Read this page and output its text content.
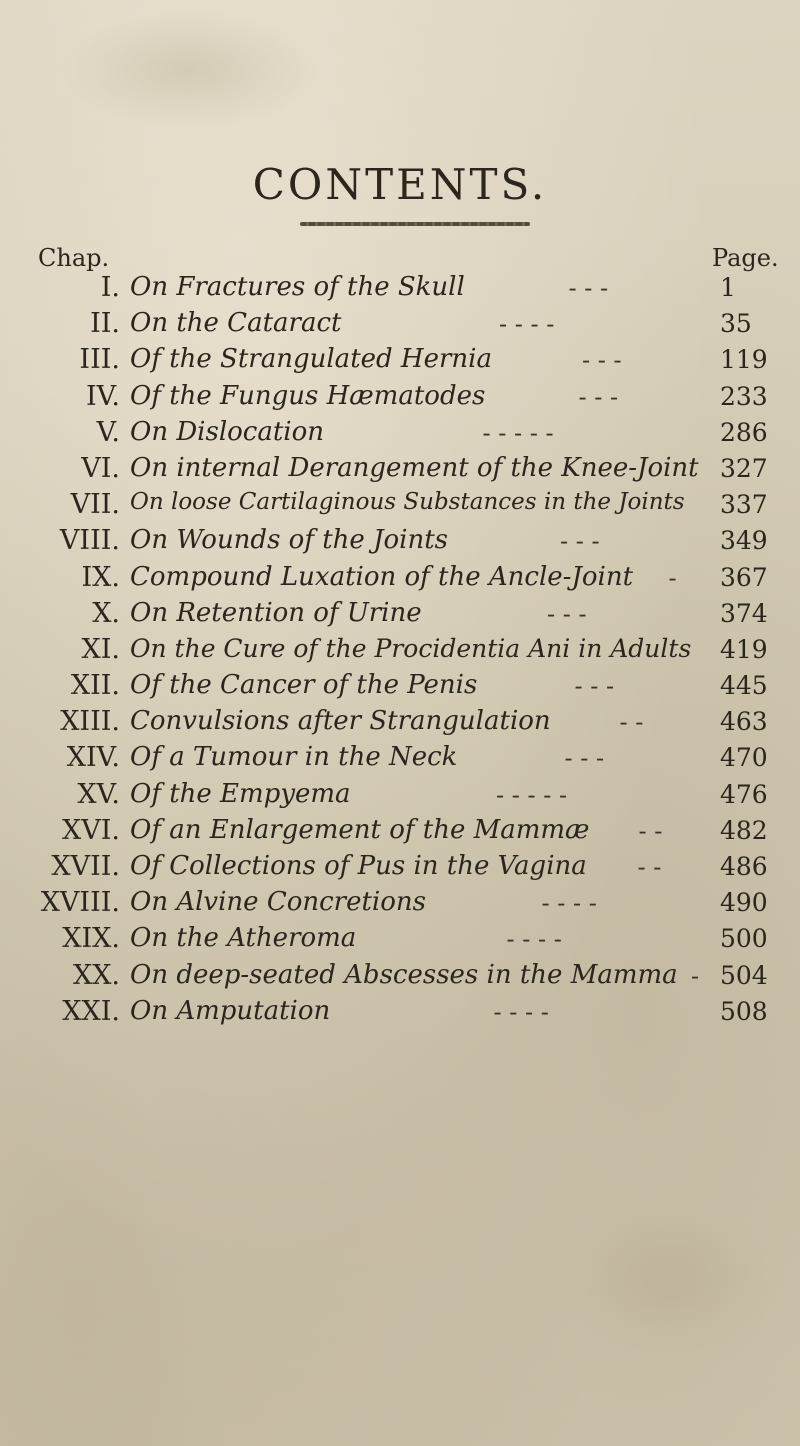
CONTENTS.
Chap.	Page.
I. On Fractures of the Skull	- - -	1
II. On the Cataract	- - - -	35
III. Of the Strangulated Hernia	- - -	119
IV. Of the Fungus Hæmatodes	- - -	233
V. On Dislocation	- - - - -	286
VI. On internal Derangement of the Knee-Joint 327
VII. On loose Cartilaginous Substances in the Joints 337
VIII. On Wounds of the Joints	- - -	349
IX. Compound Luxation of the Ancle-Joint - 367
X. On Retention of Urine	- - -	374
XI. On the Cure of the Procidentia Ani in Adults 419
XII. Of the Cancer of the Penis	- - -	445
XIII. Convulsions after Strangulation	- -	463
XIV. Of a Tumour in the Neck	- - -	470
XV. Of the Empyema	- - - - -	476
XVI. Of an Enlargement of the Mammæ - - 482
XVII. Of Collections of Pus in the Vagina - - 486
XVIII. On Alvine Concretions	- - - -	490
XIX. On the Atheroma	- - - -	500
XX. On deep-seated Abscesses in the Mamma - 504
XXI. On Amputation	- - - -	508
